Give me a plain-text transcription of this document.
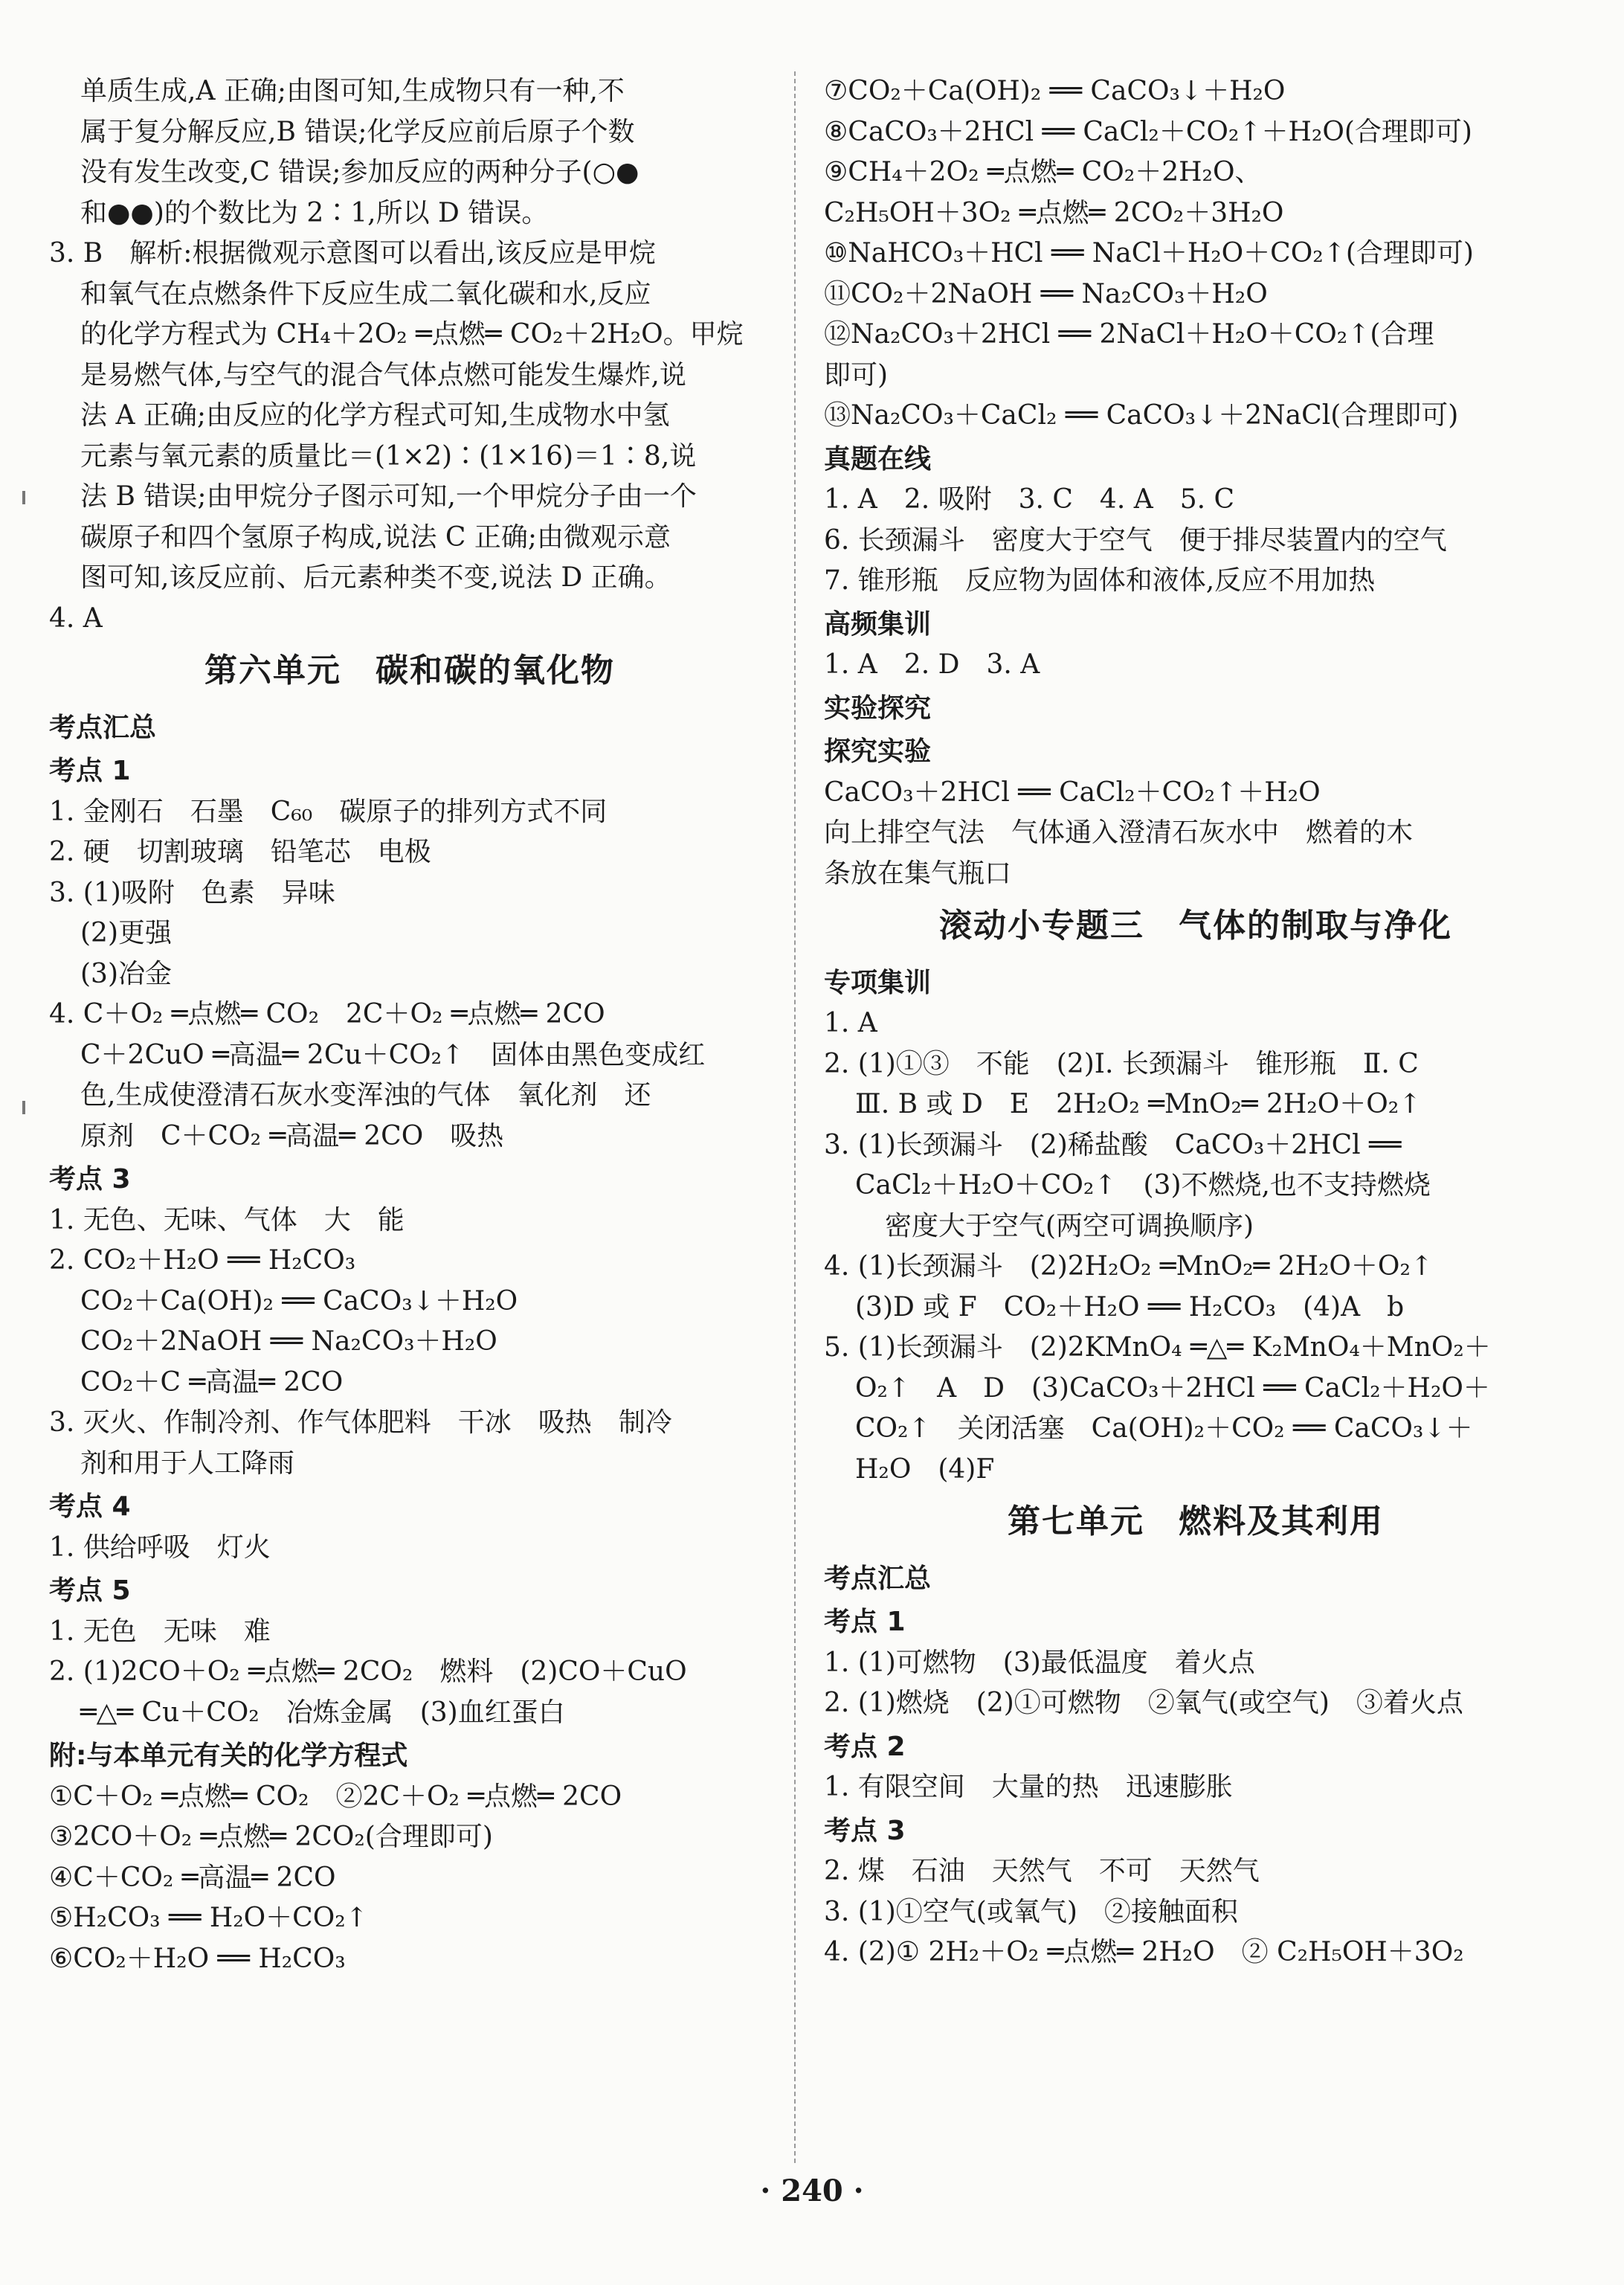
单质生成,A 正确;由图可知,生成物只有一种,不
属于复分解反应,B 错误;化学反应前后原子个数
没有发生改变,C 错误;参加反应的两种分子(○●
和●●)的个数比为 2∶1,所以 D 错误。
3. B　解析:根据微观示意图可以看出,该反应是甲烷
和氧气在点燃条件下反应生成二氧化碳和水,反应
的化学方程式为 CH₄＋2O₂ ═点燃═ CO₂＋2H₂O。甲烷
是易燃气体,与空气的混合气体点燃可能发生爆炸,说
法 A 正确;由反应的化学方程式可知,生成物水中氢
元素与氧元素的质量比＝(1×2)∶(1×16)＝1∶8,说
法 B 错误;由甲烷分子图示可知,一个甲烷分子由一个
碳原子和四个氢原子构成,说法 C 正确;由微观示意
图可知,该反应前、后元素种类不变,说法 D 正确。
4. A
第六单元　碳和碳的氧化物
考点汇总
考点 1
1. 金刚石　石墨　C₆₀　碳原子的排列方式不同
2. 硬　切割玻璃　铅笔芯　电极
3. (1)吸附　色素　异味
(2)更强
(3)冶金
4. C＋O₂ ═点燃═ CO₂　2C＋O₂ ═点燃═ 2CO
C＋2CuO ═高温═ 2Cu＋CO₂↑　固体由黑色变成红
色,生成使澄清石灰水变浑浊的气体　氧化剂　还
原剂　C＋CO₂ ═高温═ 2CO　吸热
考点 3
1. 无色、无味、气体　大　能
2. CO₂＋H₂O ══ H₂CO₃
CO₂＋Ca(OH)₂ ══ CaCO₃↓＋H₂O
CO₂＋2NaOH ══ Na₂CO₃＋H₂O
CO₂＋C ═高温═ 2CO
3. 灭火、作制冷剂、作气体肥料　干冰　吸热　制冷
剂和用于人工降雨
考点 4
1. 供给呼吸　灯火
考点 5
1. 无色　无味　难
2. (1)2CO＋O₂ ═点燃═ 2CO₂　燃料　(2)CO＋CuO
═△═ Cu＋CO₂　冶炼金属　(3)血红蛋白
附:与本单元有关的化学方程式
①C＋O₂ ═点燃═ CO₂　②2C＋O₂ ═点燃═ 2CO
③2CO＋O₂ ═点燃═ 2CO₂(合理即可)
④C＋CO₂ ═高温═ 2CO
⑤H₂CO₃ ══ H₂O＋CO₂↑
⑥CO₂＋H₂O ══ H₂CO₃
⑦CO₂＋Ca(OH)₂ ══ CaCO₃↓＋H₂O
⑧CaCO₃＋2HCl ══ CaCl₂＋CO₂↑＋H₂O(合理即可)
⑨CH₄＋2O₂ ═点燃═ CO₂＋2H₂O、
C₂H₅OH＋3O₂ ═点燃═ 2CO₂＋3H₂O
⑩NaHCO₃＋HCl ══ NaCl＋H₂O＋CO₂↑(合理即可)
⑪CO₂＋2NaOH ══ Na₂CO₃＋H₂O
⑫Na₂CO₃＋2HCl ══ 2NaCl＋H₂O＋CO₂↑(合理
即可)
⑬Na₂CO₃＋CaCl₂ ══ CaCO₃↓＋2NaCl(合理即可)
真题在线
1. A　2. 吸附　3. C　4. A　5. C
6. 长颈漏斗　密度大于空气　便于排尽装置内的空气
7. 锥形瓶　反应物为固体和液体,反应不用加热
高频集训
1. A　2. D　3. A
实验探究
探究实验
CaCO₃＋2HCl ══ CaCl₂＋CO₂↑＋H₂O
向上排空气法　气体通入澄清石灰水中　燃着的木
条放在集气瓶口
滚动小专题三　气体的制取与净化
专项集训
1. A
2. (1)①③　不能　(2)Ⅰ. 长颈漏斗　锥形瓶　Ⅱ. C
Ⅲ. B 或 D　E　2H₂O₂ ═MnO₂═ 2H₂O＋O₂↑
3. (1)长颈漏斗　(2)稀盐酸　CaCO₃＋2HCl ══
CaCl₂＋H₂O＋CO₂↑　(3)不燃烧,也不支持燃烧
密度大于空气(两空可调换顺序)
4. (1)长颈漏斗　(2)2H₂O₂ ═MnO₂═ 2H₂O＋O₂↑
(3)D 或 F　CO₂＋H₂O ══ H₂CO₃　(4)A　b
5. (1)长颈漏斗　(2)2KMnO₄ ═△═ K₂MnO₄＋MnO₂＋
O₂↑　A　D　(3)CaCO₃＋2HCl ══ CaCl₂＋H₂O＋
CO₂↑　关闭活塞　Ca(OH)₂＋CO₂ ══ CaCO₃↓＋
H₂O　(4)F
第七单元　燃料及其利用
考点汇总
考点 1
1. (1)可燃物　(3)最低温度　着火点
2. (1)燃烧　(2)①可燃物　②氧气(或空气)　③着火点
考点 2
1. 有限空间　大量的热　迅速膨胀
考点 3
2. 煤　石油　天然气　不可　天然气
3. (1)①空气(或氧气)　②接触面积
4. (2)① 2H₂＋O₂ ═点燃═ 2H₂O　② C₂H₅OH＋3O₂
· 240 ·
